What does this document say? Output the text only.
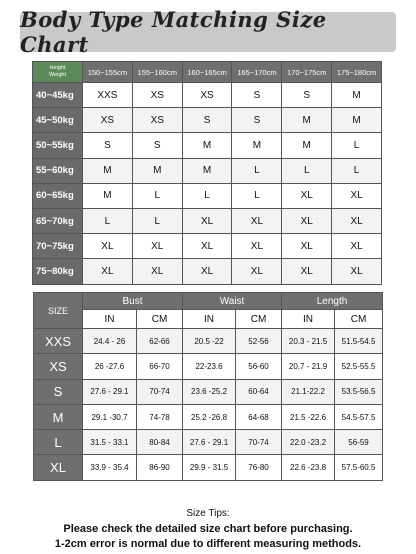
Body Type Matching Size Chart
Height
Weight	150~155cm	155~160cm	160~165cm	165~170cm	170~175cm	175~180cm
40~45kg	XXS	XS	XS	S	S	M
45~50kg	XS	XS	S	S	M	M
50~55kg	S	S	M	M	M	L
55~60kg	M	M	M	L	L	L
60~65kg	M	L	L	L	XL	XL
65~70kg	L	L	XL	XL	XL	XL
70~75kg	XL	XL	XL	XL	XL	XL
75~80kg	XL	XL	XL	XL	XL	XL
SIZE	Bust		Waist		Length	
	IN	CM	IN	CM	IN	CM
XXS	24.4 - 26	62-66	20.5 -22	52-56	20.3 - 21.5	51.5-54.5
XS	26 -27.6	66-70	22-23.6	56-60	20.7 - 21.9	52.5-55.5
S	27.6 - 29.1	70-74	23.6 -25.2	60-64	21.1-22.2	53.5-56.5
M	29.1 -30.7	74-78	25.2 -26.8	64-68	21.5 -22.6	54.5-57.5
L	31.5 - 33.1	80-84	27.6 - 29.1	70-74	22.0 -23.2	56-59
XL	33.9 - 35.4	86-90	29.9 - 31.5	76-80	22.6 -23.8	57.5-60.5
Size Tips:
Please check the detailed size chart before purchasing.
1-2cm error is normal due to different measuring methods.
